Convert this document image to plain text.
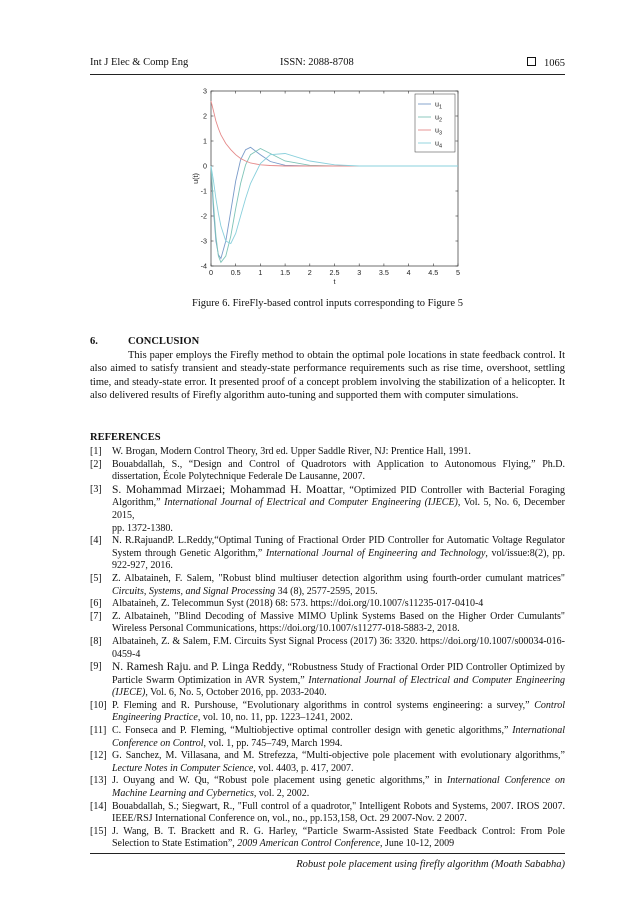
Int J Elec & Comp Eng	ISSN: 2088-8708	1065
0 0.5 1 1.5 2 2.5 3 3.5 4 4.5 5
3
2
1
0
-1
-2
-3
-4
t
u(t)
$u_1$
$u_2$
$u_3$
$u_4$
Figure 6. FireFly-based control inputs corresponding to Figure 5
6.	CONCLUSION
This paper employs the Firefly method to obtain the optimal pole locations in state feedback control. It also aimed to satisfy transient and steady-state performance requirements such as rise time, overshoot, settling time, and steady-state error. It presented proof of a concept problem involving the stabilization of a helicopter. It also delivered results of Firefly algorithm auto-tuning and supported them with computer simulations.
REFERENCES
[1] W. Brogan, Modern Control Theory, 3rd ed. Upper Saddle River, NJ: Prentice Hall, 1991.
[2] Bouabdallah, S., “Design and Control of Quadrotors with Application to Autonomous Flying,” Ph.D. dissertation, École Polytechnique Federale De Lausanne, 2007.
[3] S. Mohammad Mirzaei; Mohammad H. Moattar, “Optimized PID Controller with Bacterial Foraging Algorithm,” International Journal of Electrical and Computer Engineering (IJECE), Vol. 5, No. 6, December 2015,
pp. 1372-1380.
[4] N. R.RajuandP. L.Reddy,“Optimal Tuning of Fractional Order PID Controller for Automatic Voltage Regulator System through Genetic Algorithm,” International Journal of Engineering and Technology, vol/issue:8(2), pp. 922-927, 2016.
[5] Z. Albataineh, F. Salem, "Robust blind multiuser detection algorithm using fourth-order cumulant matrices" Circuits, Systems, and Signal Processing 34 (8), 2577-2595, 2015.
[6] Albataineh, Z. Telecommun Syst (2018) 68: 573. https://doi.org/10.1007/s11235-017-0410-4
[7] Z. Albataineh, "Blind Decoding of Massive MIMO Uplink Systems Based on the Higher Order Cumulants" Wireless Personal Communications, https://doi.org/10.1007/s11277-018-5883-2, 2018.
[8] Albataineh, Z. & Salem, F.M. Circuits Syst Signal Process (2017) 36: 3320. https://doi.org/10.1007/s00034-016-0459-4
[9] N. Ramesh Raju. and P. Linga Reddy, “Robustness Study of Fractional Order PID Controller Optimized by Particle Swarm Optimization in AVR System,” International Journal of Electrical and Computer Engineering (IJECE), Vol. 6, No. 5, October 2016, pp. 2033-2040.
[10] P. Fleming and R. Purshouse, “Evolutionary algorithms in control systems engineering: a survey,” Control Engineering Practice, vol. 10, no. 11, pp. 1223–1241, 2002.
[11] C. Fonseca and P. Fleming, “Multiobjective optimal controller design with genetic algorithms,” International Conference on Control, vol. 1, pp. 745–749, March 1994.
[12] G. Sanchez, M. Villasana, and M. Strefezza, “Multi-objective pole placement with evolutionary algorithms,” Lecture Notes in Computer Science, vol. 4403, p. 417, 2007.
[13] J. Ouyang and W. Qu, “Robust pole placement using genetic algorithms,” in International Conference on Machine Learning and Cybernetics, vol. 2, 2002.
[14] Bouabdallah, S.; Siegwart, R., "Full control of a quadrotor," Intelligent Robots and Systems, 2007. IROS 2007. IEEE/RSJ International Conference on, vol., no., pp.153,158, Oct. 29 2007-Nov. 2 2007.
[15] J. Wang, B. T. Brackett and R. G. Harley, “Particle Swarm-Assisted State Feedback Control: From Pole Selection to State Estimation”, 2009 American Control Conference, June 10-12, 2009
Robust pole placement using firefly algorithm (Moath Sababha)
